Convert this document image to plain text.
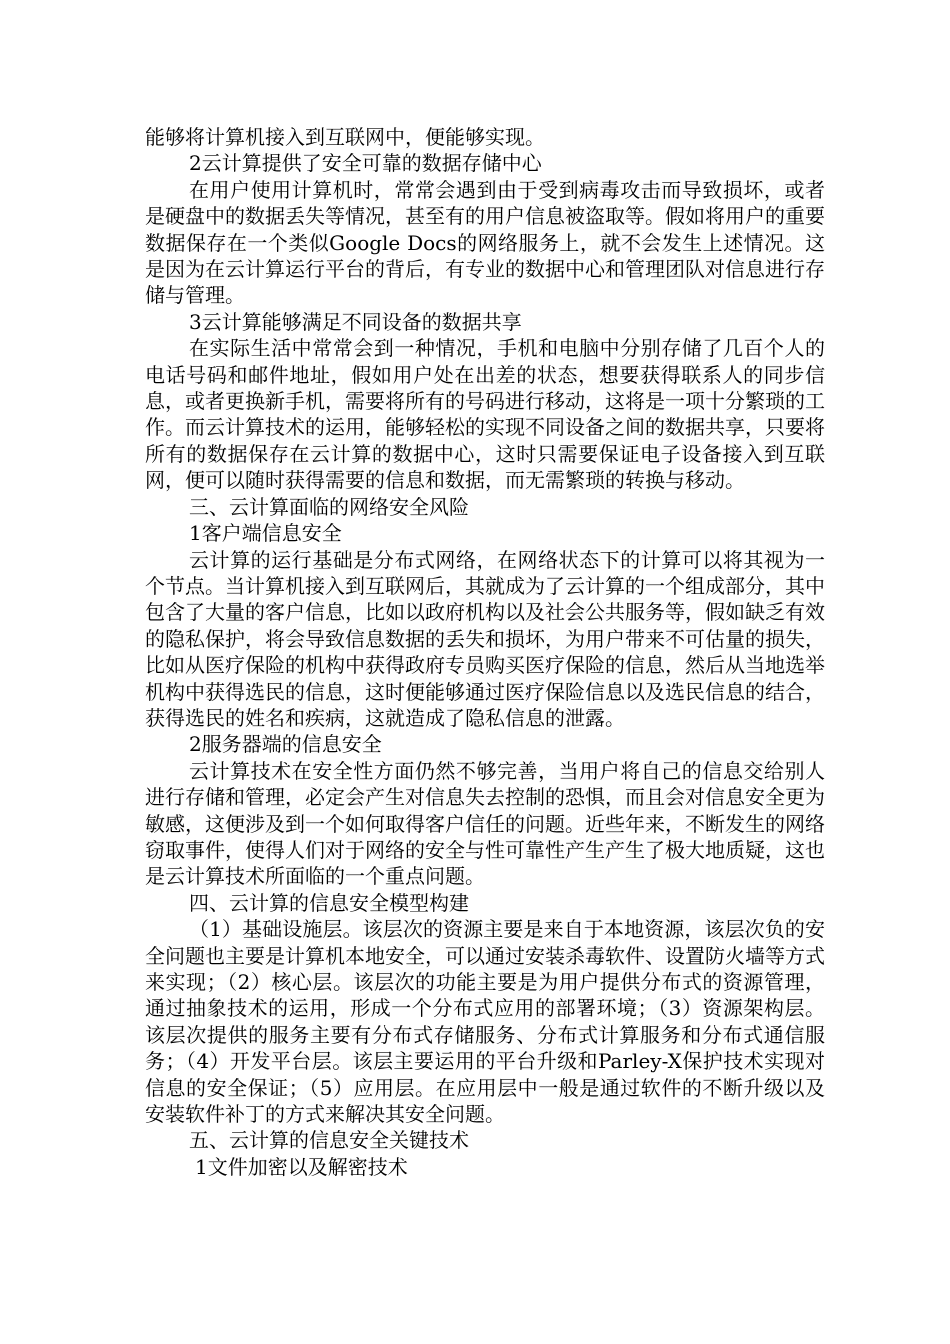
能够将计算机接入到互联网中，便能够实现。

2云计算提供了安全可靠的数据存储中心

在用户使用计算机时，常常会遇到由于受到病毒攻击而导致损坏，或者是硬盘中的数据丢失等情况，甚至有的用户信息被盗取等。假如将用户的重要数据保存在一个类似Google Docs的网络服务上，就不会发生上述情况。这是因为在云计算运行平台的背后，有专业的数据中心和管理团队对信息进行存储与管理。

3云计算能够满足不同设备的数据共享

在实际生活中常常会到一种情况，手机和电脑中分别存储了几百个人的电话号码和邮件地址，假如用户处在出差的状态，想要获得联系人的同步信息，或者更换新手机，需要将所有的号码进行移动，这将是一项十分繁琐的工作。而云计算技术的运用，能够轻松的实现不同设备之间的数据共享，只要将所有的数据保存在云计算的数据中心，这时只需要保证电子设备接入到互联网，便可以随时获得需要的信息和数据，而无需繁琐的转换与移动。

三、云计算面临的网络安全风险

1客户端信息安全

云计算的运行基础是分布式网络，在网络状态下的计算可以将其视为一个节点。当计算机接入到互联网后，其就成为了云计算的一个组成部分，其中包含了大量的客户信息，比如以政府机构以及社会公共服务等，假如缺乏有效的隐私保护，将会导致信息数据的丢失和损坏，为用户带来不可估量的损失，比如从医疗保险的机构中获得政府专员购买医疗保险的信息，然后从当地选举机构中获得选民的信息，这时便能够通过医疗保险信息以及选民信息的结合，获得选民的姓名和疾病，这就造成了隐私信息的泄露。

2服务器端的信息安全

云计算技术在安全性方面仍然不够完善，当用户将自己的信息交给别人进行存储和管理，必定会产生对信息失去控制的恐惧，而且会对信息安全更为敏感，这便涉及到一个如何取得客户信任的问题。近些年来，不断发生的网络窃取事件，使得人们对于网络的安全与性可靠性产生产生了极大地质疑，这也是云计算技术所面临的一个重点问题。

四、云计算的信息安全模型构建

（1）基础设施层。该层次的资源主要是来自于本地资源，该层次负的安全问题也主要是计算机本地安全，可以通过安装杀毒软件、设置防火墙等方式来实现；（2）核心层。该层次的功能主要是为用户提供分布式的资源管理，通过抽象技术的运用，形成一个分布式应用的部署环境；（3）资源架构层。该层次提供的服务主要有分布式存储服务、分布式计算服务和分布式通信服务；（4）开发平台层。该层主要运用的平台升级和Parley-X保护技术实现对信息的安全保证；（5）应用层。在应用层中一般是通过软件的不断升级以及安装软件补丁的方式来解决其安全问题。

五、云计算的信息安全关键技术

1文件加密以及解密技术
